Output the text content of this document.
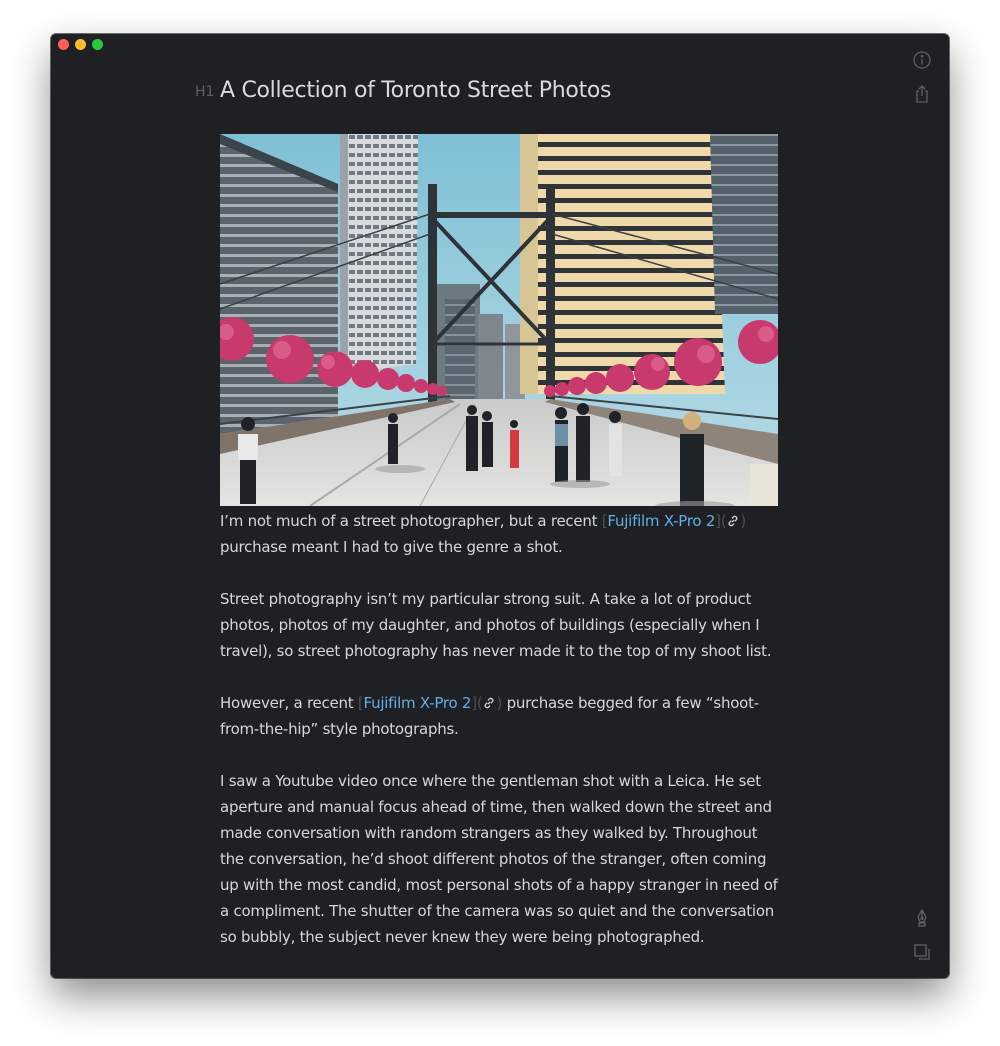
H1 A Collection of Toronto Street Photos

I’m not much of a street photographer, but a recent [Fujifilm X-Pro 2]( ) purchase meant I had to give the genre a shot.

Street photography isn’t my particular strong suit. A take a lot of product photos, photos of my daughter, and photos of buildings (especially when I travel), so street photography has never made it to the top of my shoot list.

However, a recent [Fujifilm X-Pro 2]( ) purchase begged for a few “shoot-from-the-hip” style photographs.

I saw a Youtube video once where the gentleman shot with a Leica. He set aperture and manual focus ahead of time, then walked down the street and made conversation with random strangers as they walked by. Throughout the conversation, he’d shoot different photos of the stranger, often coming up with the most candid, most personal shots of a happy stranger in need of a compliment. The shutter of the camera was so quiet and the conversation so bubbly, the subject never knew they were being photographed.
